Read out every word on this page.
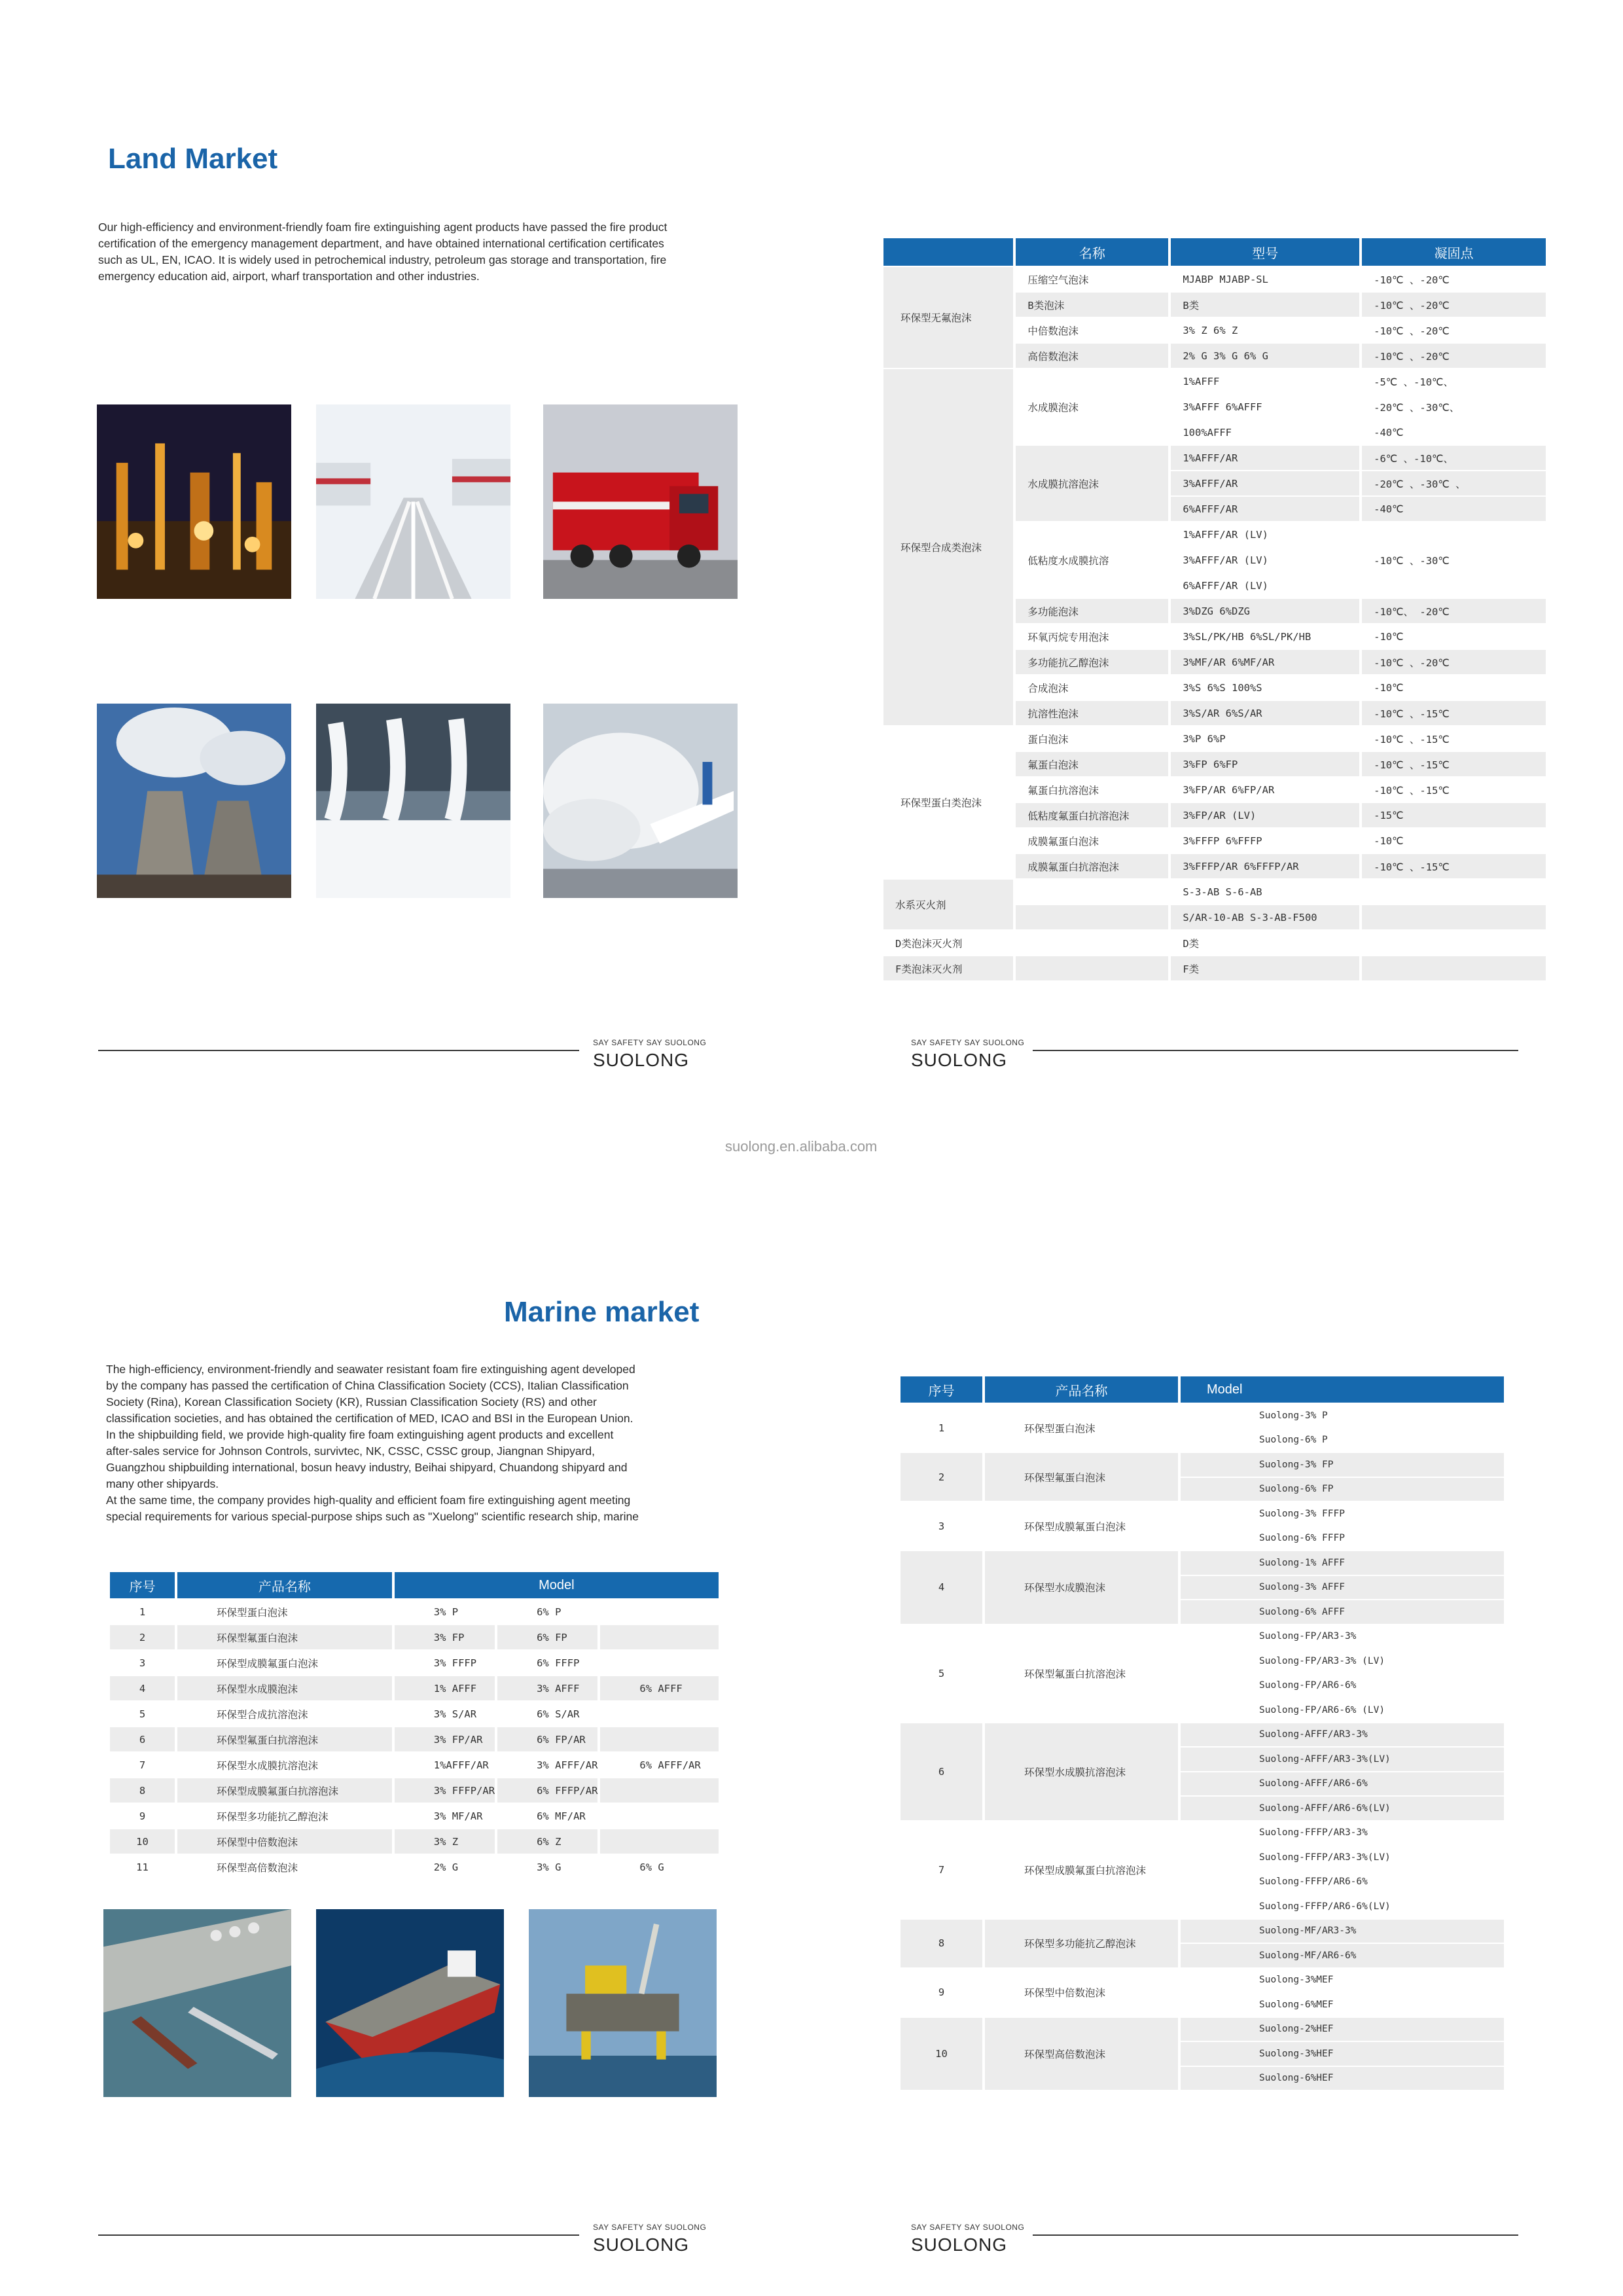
Land Market

Our high-efficiency and environment-friendly foam fire extinguishing agent products have passed the fire product

certification of the emergency management department, and have obtained international certification certificates

such as UL, EN, ICAO. It is widely used in petrochemical industry, petroleum gas storage and transportation, fire

emergency education aid, airport, wharf transportation and other industries.

	名称	型号	凝固点
环保型无氟泡沫	压缩空气泡沫	MJABP MJABP-SL	-10℃ 、-20℃
	B类泡沫	B类	-10℃ 、-20℃
	中倍数泡沫	3% Z 6% Z	-10℃ 、-20℃
	高倍数泡沫	2% G 3% G 6% G	-10℃ 、-20℃
环保型合成类泡沫	水成膜泡沫	1%AFFF	-5℃ 、-10℃、
		3%AFFF 6%AFFF	-20℃ 、-30℃、
		100%AFFF	-40℃
	水成膜抗溶泡沫	1%AFFF/AR	-6℃ 、-10℃、
		3%AFFF/AR	-20℃ 、-30℃ 、
		6%AFFF/AR	-40℃
	低粘度水成膜抗溶	1%AFFF/AR (LV)	-10℃ 、-30℃
		3%AFFF/AR (LV)	
		6%AFFF/AR (LV)	
	多功能泡沫	3%DZG 6%DZG	-10℃、 -20℃
	环氧丙烷专用泡沫	3%SL/PK/HB 6%SL/PK/HB	-10℃
	多功能抗乙醇泡沫	3%MF/AR 6%MF/AR	-10℃ 、-20℃
	合成泡沫	3%S 6%S 100%S	-10℃
	抗溶性泡沫	3%S/AR 6%S/AR	-10℃ 、-15℃
环保型蛋白类泡沫	蛋白泡沫	3%P 6%P	-10℃ 、-15℃
	氟蛋白泡沫	3%FP 6%FP	-10℃ 、-15℃
	氟蛋白抗溶泡沫	3%FP/AR 6%FP/AR	-10℃ 、-15℃
	低粘度氟蛋白抗溶泡沫	3%FP/AR (LV)	-15℃
	成膜氟蛋白泡沫	3%FFFP 6%FFFP	-10℃
	成膜氟蛋白抗溶泡沫	3%FFFP/AR 6%FFFP/AR	-10℃ 、-15℃
水系灭火剂		S-3-AB S-6-AB	
		S/AR-10-AB S-3-AB-F500	
D类泡沫灭火剂		D类	
F类泡沫灭火剂		F类	
SAY SAFETY SAY SUOLONG
SUOLONG
SAY SAFETY SAY SUOLONG
SUOLONG
suolong.en.alibaba.com
Marine market

The high-efficiency, environment-friendly and seawater resistant foam fire extinguishing agent developed

by the company has passed the certification of China Classification Society (CCS), Italian Classification

Society (Rina), Korean Classification Society (KR), Russian Classification Society (RS) and other

classification societies, and has obtained the certification of MED, ICAO and BSI in the European Union.

In the shipbuilding field, we provide high-quality fire foam extinguishing agent products and excellent

after-sales service for Johnson Controls, survivtec, NK, CSSC, CSSC group, Jiangnan Shipyard,

Guangzhou shipbuilding international, bosun heavy industry, Beihai shipyard, Chuandong shipyard and

many other shipyards.

At the same time, the company provides high-quality and efficient foam fire extinguishing agent meeting

special requirements for various special-purpose ships such as "Xuelong" scientific research ship, marine

序号	产品名称	Model		
1	环保型蛋白泡沫	3% P	6% P	
2	环保型氟蛋白泡沫	3% FP	6% FP	
3	环保型成膜氟蛋白泡沫	3% FFFP	6% FFFP	
4	环保型水成膜泡沫	1% AFFF	3% AFFF	6% AFFF
5	环保型合成抗溶泡沫	3% S/AR	6% S/AR	
6	环保型氟蛋白抗溶泡沫	3% FP/AR	6% FP/AR	
7	环保型水成膜抗溶泡沫	1%AFFF/AR	3% AFFF/AR	6% AFFF/AR
8	环保型成膜氟蛋白抗溶泡沫	3% FFFP/AR	6% FFFP/AR	
9	环保型多功能抗乙醇泡沫	3% MF/AR	6% MF/AR	
10	环保型中倍数泡沫	3% Z	6% Z	
11	环保型高倍数泡沫	2% G	3% G	6% G
序号	产品名称	Model
1	环保型蛋白泡沫	Suolong-3% P
		Suolong-6% P
2	环保型氟蛋白泡沫	Suolong-3% FP
		Suolong-6% FP
3	环保型成膜氟蛋白泡沫	Suolong-3% FFFP
		Suolong-6% FFFP
4	环保型水成膜泡沫	Suolong-1% AFFF
		Suolong-3% AFFF
		Suolong-6% AFFF
5	环保型氟蛋白抗溶泡沫	Suolong-FP/AR3-3%
		Suolong-FP/AR3-3% (LV)
		Suolong-FP/AR6-6%
		Suolong-FP/AR6-6% (LV)
6	环保型水成膜抗溶泡沫	Suolong-AFFF/AR3-3%
		Suolong-AFFF/AR3-3%(LV)
		Suolong-AFFF/AR6-6%
		Suolong-AFFF/AR6-6%(LV)
7	环保型成膜氟蛋白抗溶泡沫	Suolong-FFFP/AR3-3%
		Suolong-FFFP/AR3-3%(LV)
		Suolong-FFFP/AR6-6%
		Suolong-FFFP/AR6-6%(LV)
8	环保型多功能抗乙醇泡沫	Suolong-MF/AR3-3%
		Suolong-MF/AR6-6%
9	环保型中倍数泡沫	Suolong-3%MEF
		Suolong-6%MEF
10	环保型高倍数泡沫	Suolong-2%HEF
		Suolong-3%HEF
		Suolong-6%HEF
SAY SAFETY SAY SUOLONG
SUOLONG
SAY SAFETY SAY SUOLONG
SUOLONG
